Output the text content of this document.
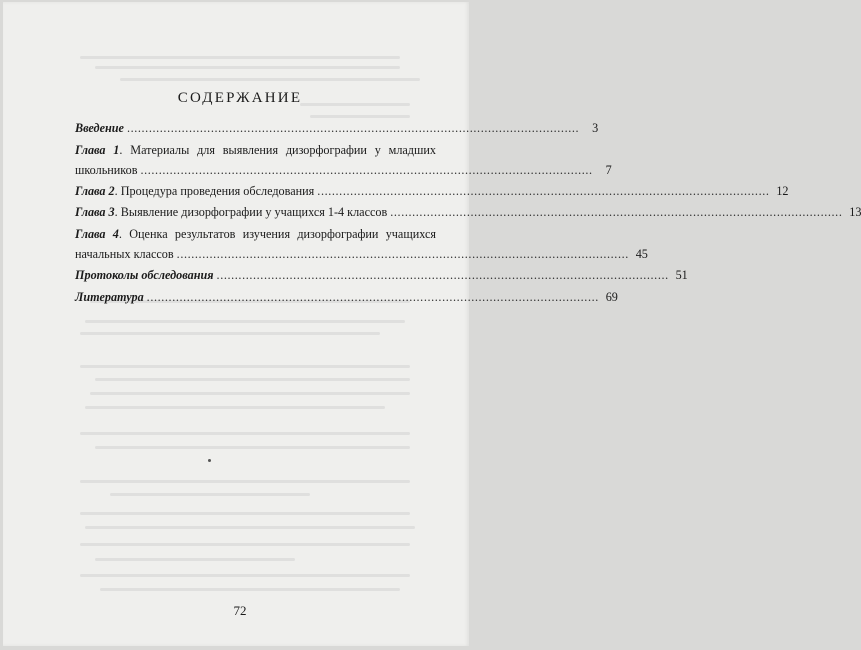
СОДЕРЖАНИЕ
Введение ............................................................................................................................	3
Глава 1. Материалы для выявления дизорфографии у младших
школьников ............................................................................................................................	7
Глава 2. Процедура проведения обследования ............................................................................................................................ 12
Глава 3. Выявление дизорфографии у учащихся 1-4 классов ............................................................................................................................ 13
Глава 4. Оценка результатов изучения дизорфографии учащихся
начальных классов ............................................................................................................................ 45
Протоколы обследования ............................................................................................................................ 51
Литература ............................................................................................................................ 69
72
